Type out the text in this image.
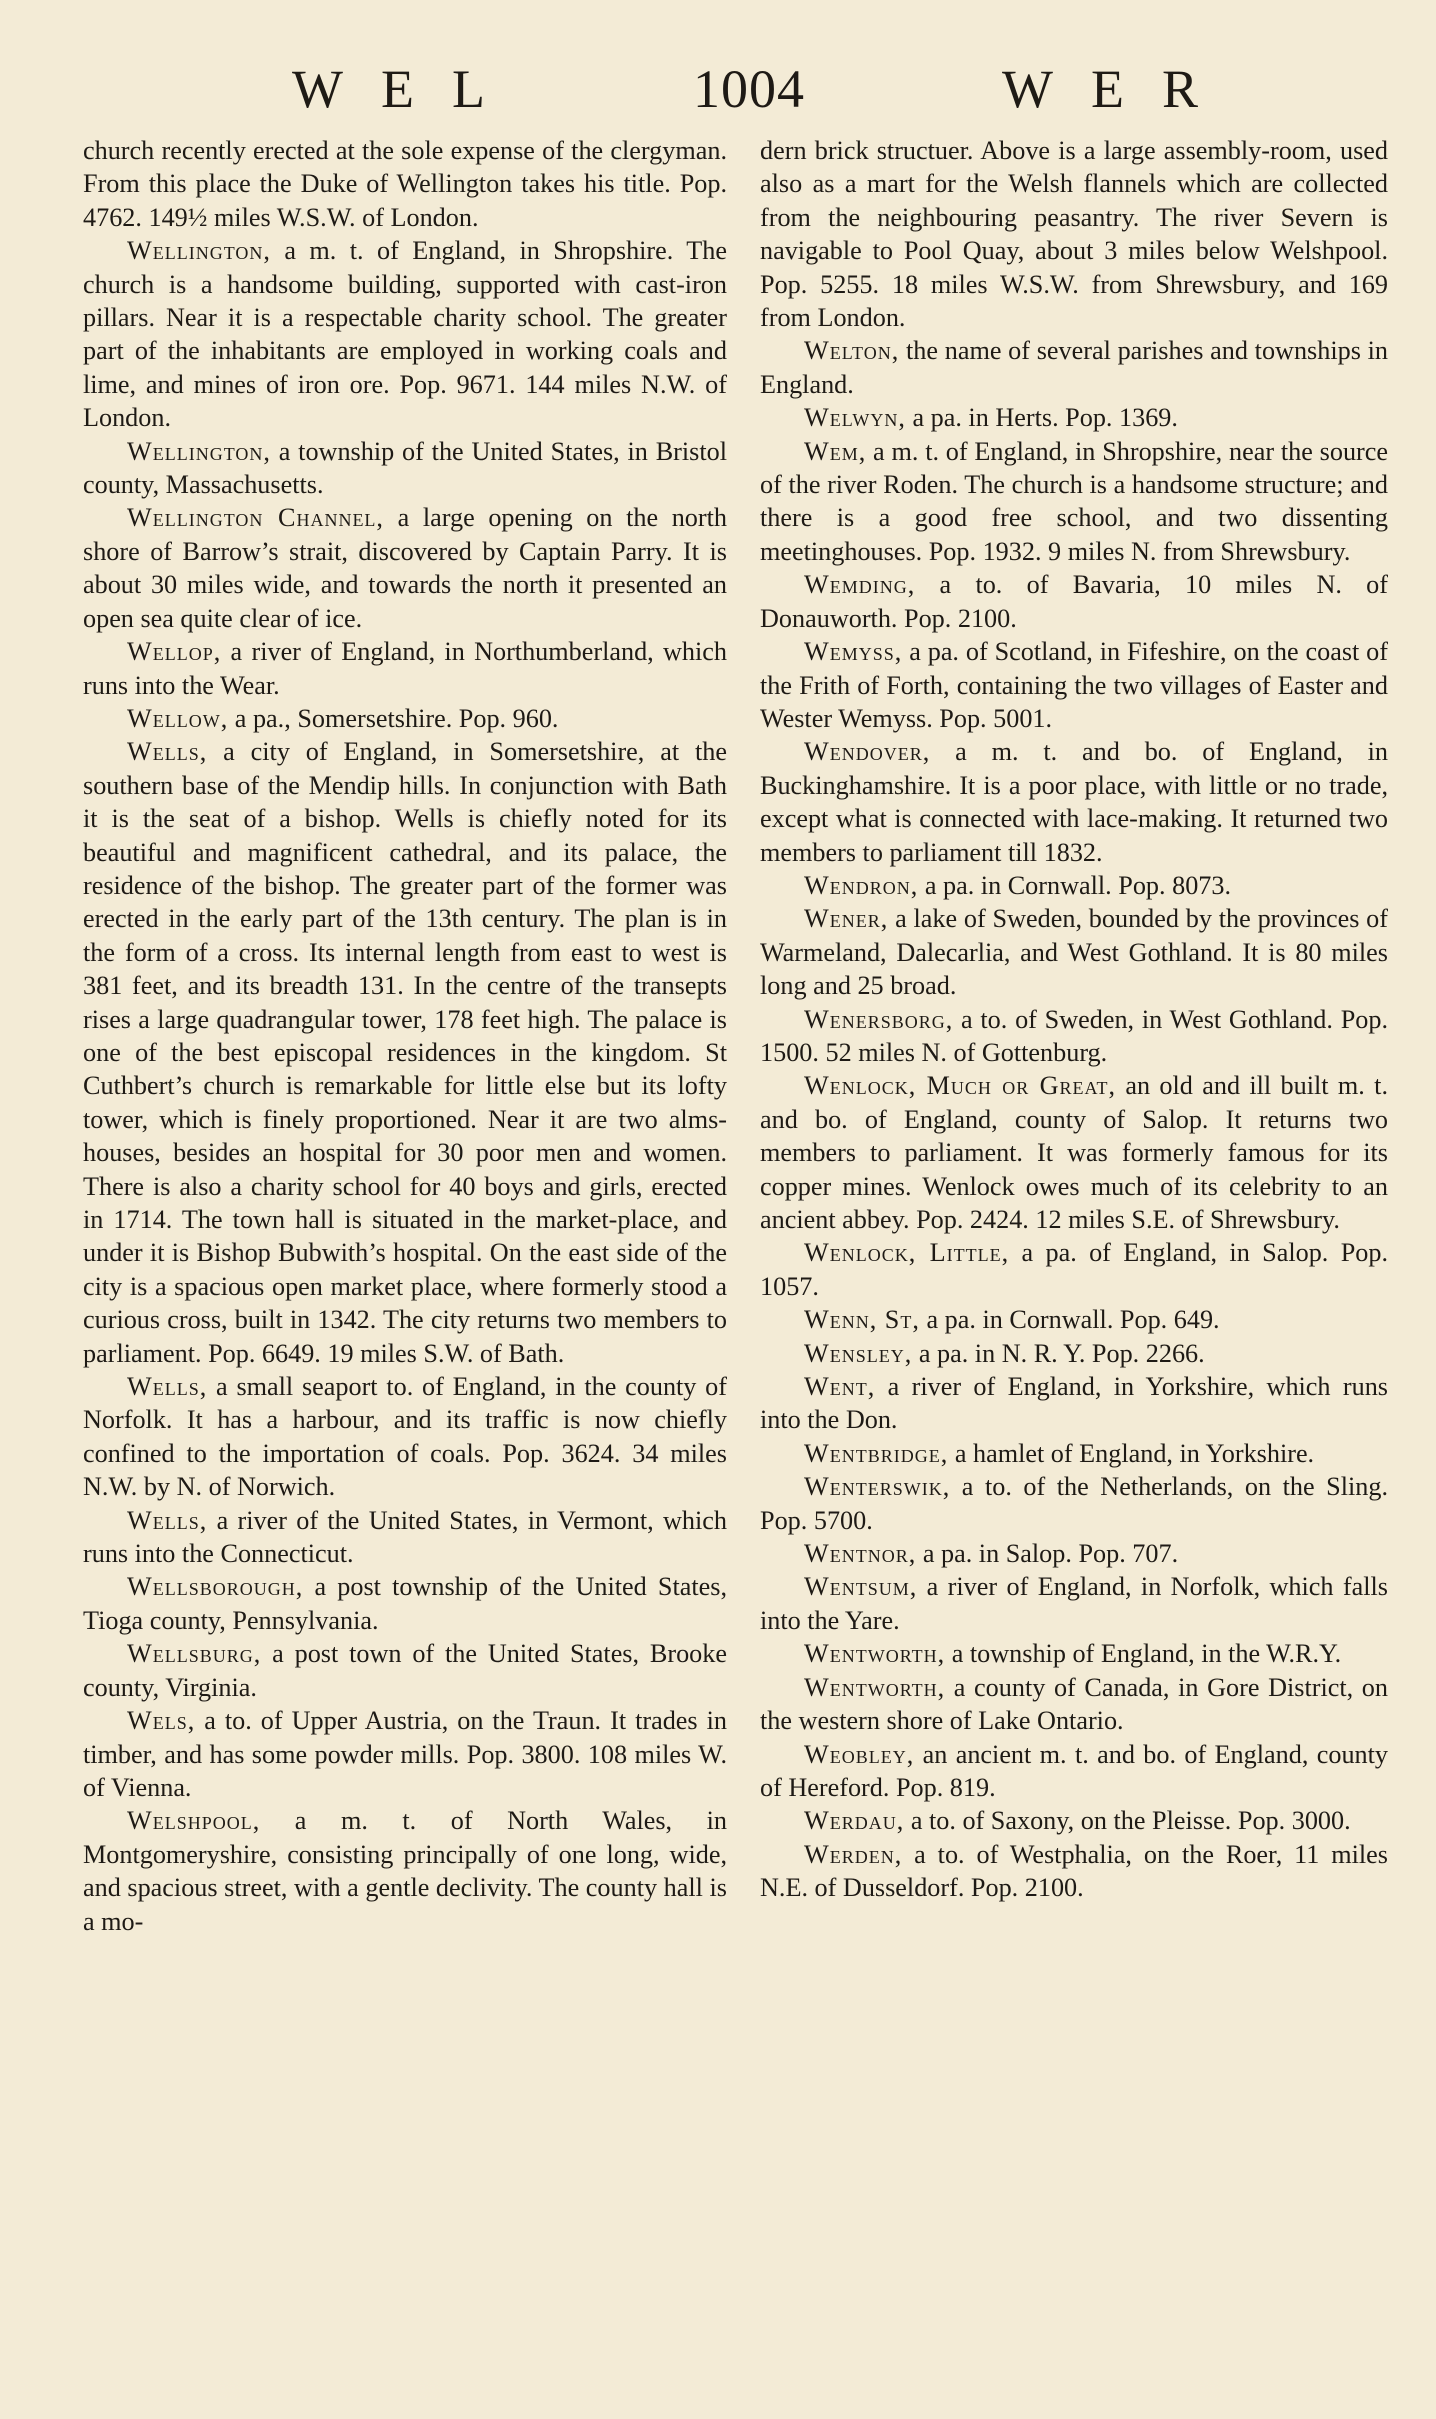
WEL	1004	WER

church recently erected at the sole expense of the clergyman. From this place the Duke of Wellington takes his title. Pop. 4762. 149½ miles W.S.W. of London.

Wellington, a m. t. of England, in Shropshire. The church is a handsome building, supported with cast-iron pillars. Near it is a respectable charity school. The greater part of the inhabitants are employed in working coals and lime, and mines of iron ore. Pop. 9671. 144 miles N.W. of London.

Wellington, a township of the United States, in Bristol county, Massachusetts.

Wellington Channel, a large opening on the north shore of Barrow’s strait, discovered by Captain Parry. It is about 30 miles wide, and towards the north it presented an open sea quite clear of ice.

Wellop, a river of England, in Northumberland, which runs into the Wear.

Wellow, a pa., Somersetshire. Pop. 960.

Wells, a city of England, in Somersetshire, at the southern base of the Mendip hills. In conjunction with Bath it is the seat of a bishop. Wells is chiefly noted for its beautiful and magnificent cathedral, and its palace, the residence of the bishop. The greater part of the former was erected in the early part of the 13th century. The plan is in the form of a cross. Its internal length from east to west is 381 feet, and its breadth 131. In the centre of the transepts rises a large quadrangular tower, 178 feet high. The palace is one of the best episcopal residences in the kingdom. St Cuthbert’s church is remarkable for little else but its lofty tower, which is finely proportioned. Near it are two alms-houses, besides an hospital for 30 poor men and women. There is also a charity school for 40 boys and girls, erected in 1714. The town hall is situated in the market-place, and under it is Bishop Bubwith’s hospital. On the east side of the city is a spacious open market place, where formerly stood a curious cross, built in 1342. The city returns two members to parliament. Pop. 6649. 19 miles S.W. of Bath.

Wells, a small seaport to. of England, in the county of Norfolk. It has a harbour, and its traffic is now chiefly confined to the importation of coals. Pop. 3624. 34 miles N.W. by N. of Norwich.

Wells, a river of the United States, in Vermont, which runs into the Connecticut.

Wellsborough, a post township of the United States, Tioga county, Pennsylvania.

Wellsburg, a post town of the United States, Brooke county, Virginia.

Wels, a to. of Upper Austria, on the Traun. It trades in timber, and has some powder mills. Pop. 3800. 108 miles W. of Vienna.

Welshpool, a m. t. of North Wales, in Montgomeryshire, consisting principally of one long, wide, and spacious street, with a gentle declivity. The county hall is a mo-

dern brick structuer. Above is a large assembly-room, used also as a mart for the Welsh flannels which are collected from the neighbouring peasantry. The river Severn is navigable to Pool Quay, about 3 miles below Welshpool. Pop. 5255. 18 miles W.S.W. from Shrewsbury, and 169 from London.

Welton, the name of several parishes and townships in England.

Welwyn, a pa. in Herts. Pop. 1369.

Wem, a m. t. of England, in Shropshire, near the source of the river Roden. The church is a handsome structure; and there is a good free school, and two dissenting meetinghouses. Pop. 1932. 9 miles N. from Shrewsbury.

Wemding, a to. of Bavaria, 10 miles N. of Donauworth. Pop. 2100.

Wemyss, a pa. of Scotland, in Fifeshire, on the coast of the Frith of Forth, containing the two villages of Easter and Wester Wemyss. Pop. 5001.

Wendover, a m. t. and bo. of England, in Buckinghamshire. It is a poor place, with little or no trade, except what is connected with lace-making. It returned two members to parliament till 1832.

Wendron, a pa. in Cornwall. Pop. 8073.

Wener, a lake of Sweden, bounded by the provinces of Warmeland, Dalecarlia, and West Gothland. It is 80 miles long and 25 broad.

Wenersborg, a to. of Sweden, in West Gothland. Pop. 1500. 52 miles N. of Gottenburg.

Wenlock, Much or Great, an old and ill built m. t. and bo. of England, county of Salop. It returns two members to parliament. It was formerly famous for its copper mines. Wenlock owes much of its celebrity to an ancient abbey. Pop. 2424. 12 miles S.E. of Shrewsbury.

Wenlock, Little, a pa. of England, in Salop. Pop. 1057.

Wenn, St, a pa. in Cornwall. Pop. 649.

Wensley, a pa. in N. R. Y. Pop. 2266.

Went, a river of England, in Yorkshire, which runs into the Don.

Wentbridge, a hamlet of England, in Yorkshire.

Wenterswik, a to. of the Netherlands, on the Sling. Pop. 5700.

Wentnor, a pa. in Salop. Pop. 707.

Wentsum, a river of England, in Norfolk, which falls into the Yare.

Wentworth, a township of England, in the W.R.Y.

Wentworth, a county of Canada, in Gore District, on the western shore of Lake Ontario.

Weobley, an ancient m. t. and bo. of England, county of Hereford. Pop. 819.

Werdau, a to. of Saxony, on the Pleisse. Pop. 3000.

Werden, a to. of Westphalia, on the Roer, 11 miles N.E. of Dusseldorf. Pop. 2100.
